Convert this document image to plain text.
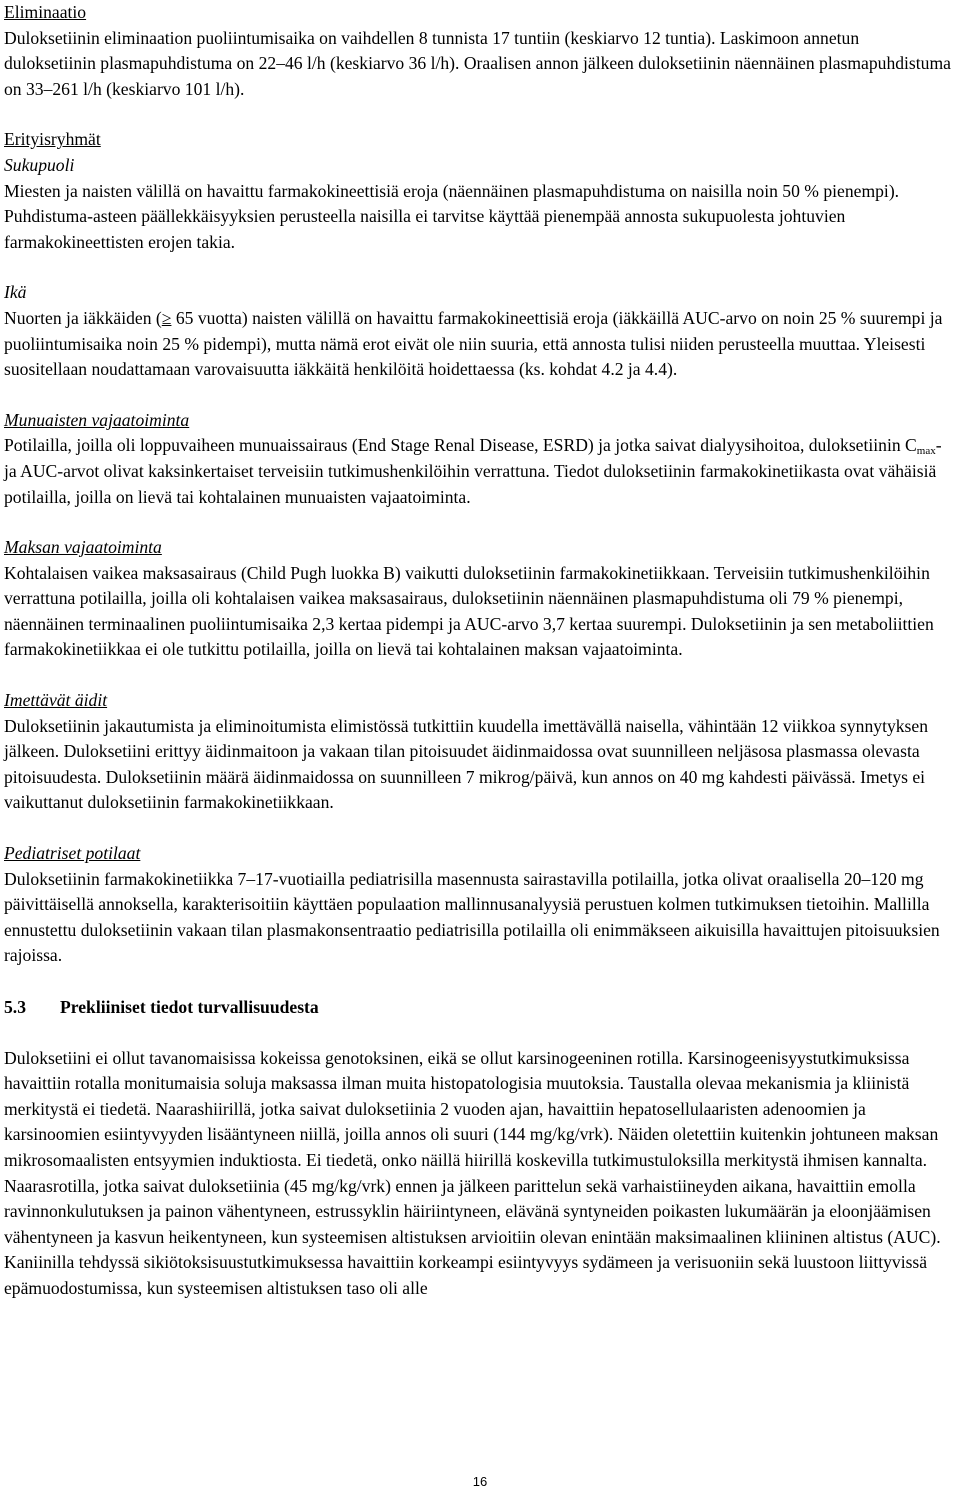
Eliminaatio

Duloksetiinin eliminaation puoliintumisaika on vaihdellen 8 tunnista 17 tuntiin (keskiarvo 12 tuntia). Laskimoon annetun duloksetiinin plasmapuhdistuma on 22–46 l/h (keskiarvo 36 l/h). Oraalisen annon jälkeen duloksetiinin näennäinen plasmapuhdistuma on 33–261 l/h (keskiarvo 101 l/h).

Erityisryhmät

Sukupuoli

Miesten ja naisten välillä on havaittu farmakokineettisiä eroja (näennäinen plasmapuhdistuma on naisilla noin 50 % pienempi). Puhdistuma-asteen päällekkäisyyksien perusteella naisilla ei tarvitse käyttää pienempää annosta sukupuolesta johtuvien farmakokineettisten erojen takia.

Ikä

Nuorten ja iäkkäiden (≥ 65 vuotta) naisten välillä on havaittu farmakokineettisiä eroja (iäkkäillä AUC-arvo on noin 25 % suurempi ja puoliintumisaika noin 25 % pidempi), mutta nämä erot eivät ole niin suuria, että annosta tulisi niiden perusteella muuttaa. Yleisesti suositellaan noudattamaan varovaisuutta iäkkäitä henkilöitä hoidettaessa (ks. kohdat 4.2 ja 4.4).

Munuaisten vajaatoiminta

Potilailla, joilla oli loppuvaiheen munuaissairaus (End Stage Renal Disease, ESRD) ja jotka saivat dialyysihoitoa, duloksetiinin $C_{max}-$ ja AUC-arvot olivat kaksinkertaiset terveisiin tutkimushenkilöihin verrattuna. Tiedot duloksetiinin farmakokinetiikasta ovat vähäisiä potilailla, joilla on lievä tai kohtalainen munuaisten vajaatoiminta.

Maksan vajaatoiminta

Kohtalaisen vaikea maksasairaus (Child Pugh luokka B) vaikutti duloksetiinin farmakokinetiikkaan. Terveisiin tutkimushenkilöihin verrattuna potilailla, joilla oli kohtalaisen vaikea maksasairaus, duloksetiinin näennäinen plasmapuhdistuma oli 79 % pienempi, näennäinen terminaalinen puoliintumisaika 2,3 kertaa pidempi ja AUC-arvo 3,7 kertaa suurempi. Duloksetiinin ja sen metaboliittien farmakokinetiikkaa ei ole tutkittu potilailla, joilla on lievä tai kohtalainen maksan vajaatoiminta.

Imettävät äidit

Duloksetiinin jakautumista ja eliminoitumista elimistössä tutkittiin kuudella imettävällä naisella, vähintään 12 viikkoa synnytyksen jälkeen. Duloksetiini erittyy äidinmaitoon ja vakaan tilan pitoisuudet äidinmaidossa ovat suunnilleen neljäsosa plasmassa olevasta pitoisuudesta. Duloksetiinin määrä äidinmaidossa on suunnilleen 7 mikrog/päivä, kun annos on 40 mg kahdesti päivässä. Imetys ei vaikuttanut duloksetiinin farmakokinetiikkaan.

Pediatriset potilaat

Duloksetiinin farmakokinetiikka 7–17-vuotiailla pediatrisilla masennusta sairastavilla potilailla, jotka olivat oraalisella 20–120 mg päivittäisellä annoksella, karakterisoitiin käyttäen populaation mallinnusanalyysiä perustuen kolmen tutkimuksen tietoihin. Mallilla ennustettu duloksetiinin vakaan tilan plasmakonsentraatio pediatrisilla potilailla oli enimmäkseen aikuisilla havaittujen pitoisuuksien rajoissa.

5.3	Prekliiniset tiedot turvallisuudesta

Duloksetiini ei ollut tavanomaisissa kokeissa genotoksinen, eikä se ollut karsinogeeninen rotilla. Karsinogeenisyystutkimuksissa havaittiin rotalla monitumaisia soluja maksassa ilman muita histopatologisia muutoksia. Taustalla olevaa mekanismia ja kliinistä merkitystä ei tiedetä. Naarashiirillä, jotka saivat duloksetiinia 2 vuoden ajan, havaittiin hepatosellulaaristen adenoomien ja karsinoomien esiintyvyyden lisääntyneen niillä, joilla annos oli suuri (144 mg/kg/vrk). Näiden oletettiin kuitenkin johtuneen maksan mikrosomaalisten entsyymien induktiosta. Ei tiedetä, onko näillä hiirillä koskevilla tutkimustuloksilla merkitystä ihmisen kannalta. Naarasrotilla, jotka saivat duloksetiinia (45 mg/kg/vrk) ennen ja jälkeen parittelun sekä varhaistiineyden aikana, havaittiin emolla ravinnonkulutuksen ja painon vähentyneen, estrussyklin häiriintyneen, elävänä syntyneiden poikasten lukumäärän ja eloonjäämisen vähentyneen ja kasvun heikentyneen, kun systeemisen altistuksen arvioitiin olevan enintään maksimaalinen kliininen altistus (AUC). Kaniinilla tehdyssä sikiötoksisuustutkimuksessa havaittiin korkeampi esiintyvyys sydämeen ja verisuoniin sekä luustoon liittyvissä epämuodostumissa, kun systeemisen altistuksen taso oli alle

16
